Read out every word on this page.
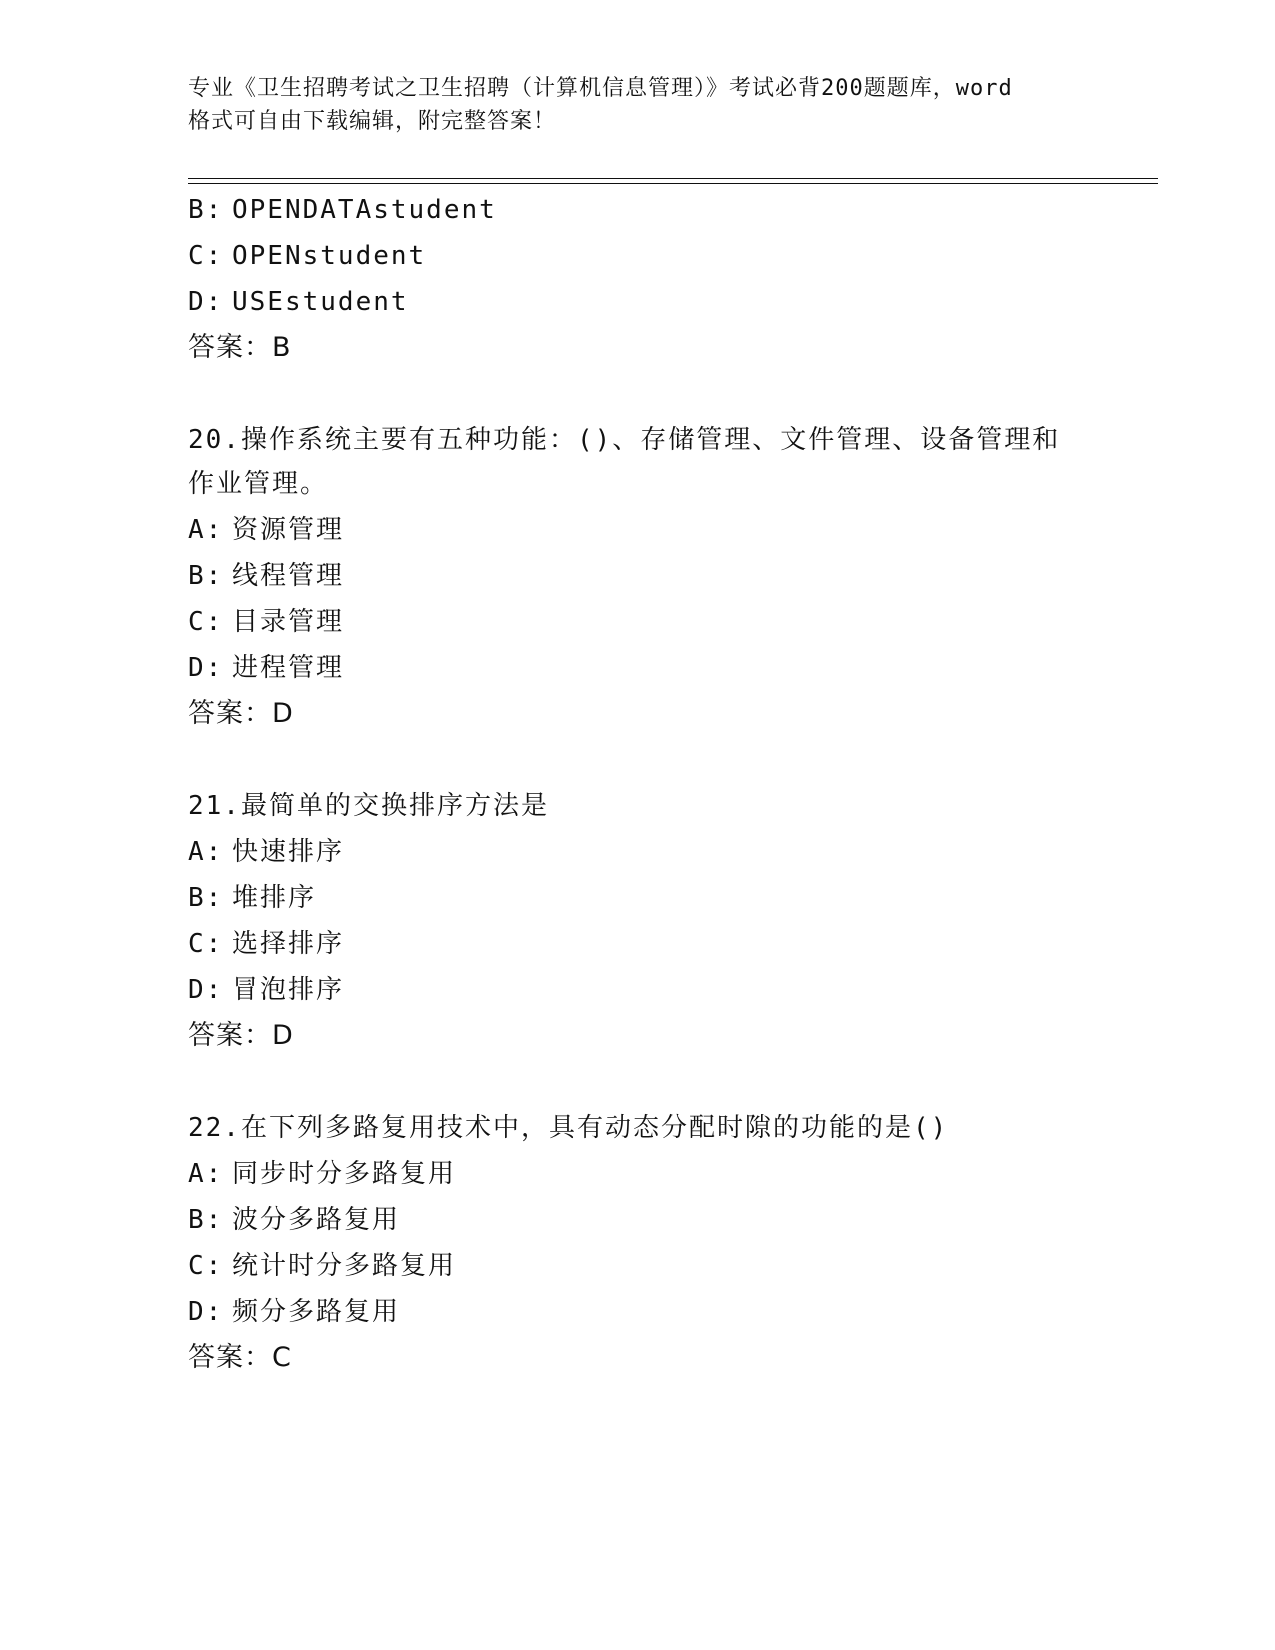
专业《卫生招聘考试之卫生招聘（计算机信息管理）》考试必背200题题库，word
格式可自由下载编辑，附完整答案！
B: OPENDATAstudent
C: OPENstudent
D: USEstudent
答案：B
20.操作系统主要有五种功能：()、存储管理、文件管理、设备管理和
作业管理。
A: 资源管理
B: 线程管理
C: 目录管理
D: 进程管理
答案：D
21.最简单的交换排序方法是
A: 快速排序
B: 堆排序
C: 选择排序
D: 冒泡排序
答案：D
22.在下列多路复用技术中，具有动态分配时隙的功能的是()
A: 同步时分多路复用
B: 波分多路复用
C: 统计时分多路复用
D: 频分多路复用
答案：C
